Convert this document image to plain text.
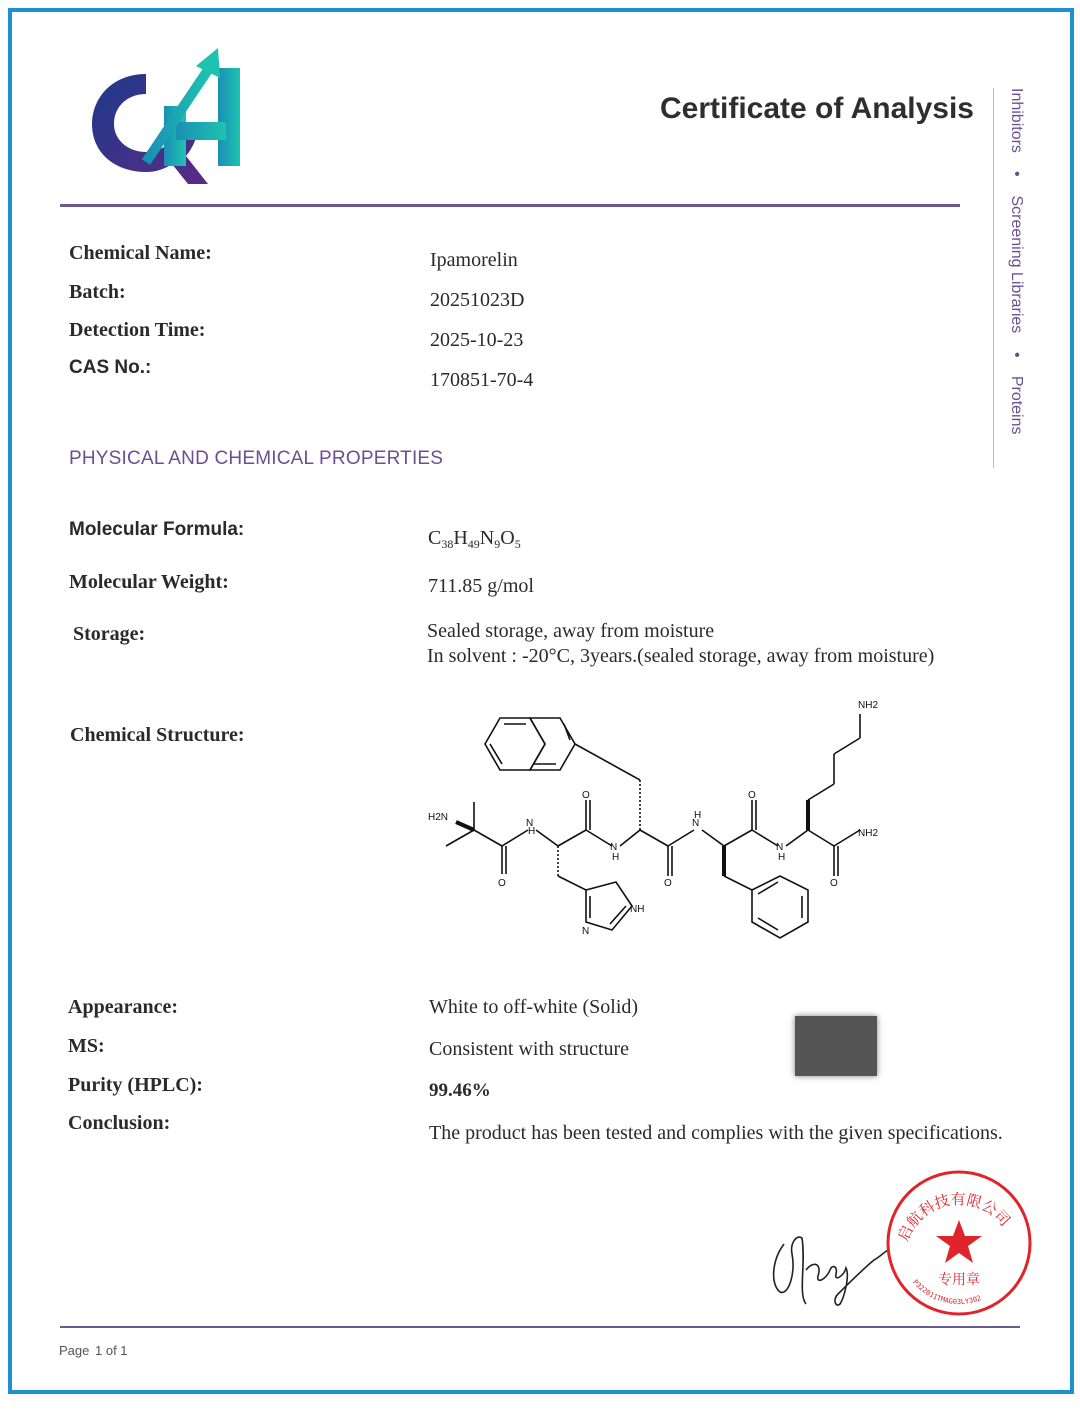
Certificate of Analysis	Inhibitors • Screening Libraries • Proteins
Chemical Name:	Ipamorelin
Batch:	20251023D
Detection Time:	2025-10-23
CAS No.:
170851-70-4
PHYSICAL AND CHEMICAL PROPERTIES
Molecular Formula:	$C_{38}H_{49}N_9O_5$
Molecular Weight:	711.85 g/mol
Storage:	Sealed storage, away from moisture
In solvent : -20°C, 3years.(sealed storage, away from moisture)
Chemical Structure:
H2N
N
H
O
O
N
H
O
N
H
O
N
H
O
NH2
NH2
NH
N
Appearance:	White to off-white (Solid)
MS:	Consistent with structure
Purity (HPLC):	99.46%
Conclusion:	The product has been tested and complies with the given specifications.
启航科技有限公司
专用章
P322011TMAG03LY302
Page 1 of 1
